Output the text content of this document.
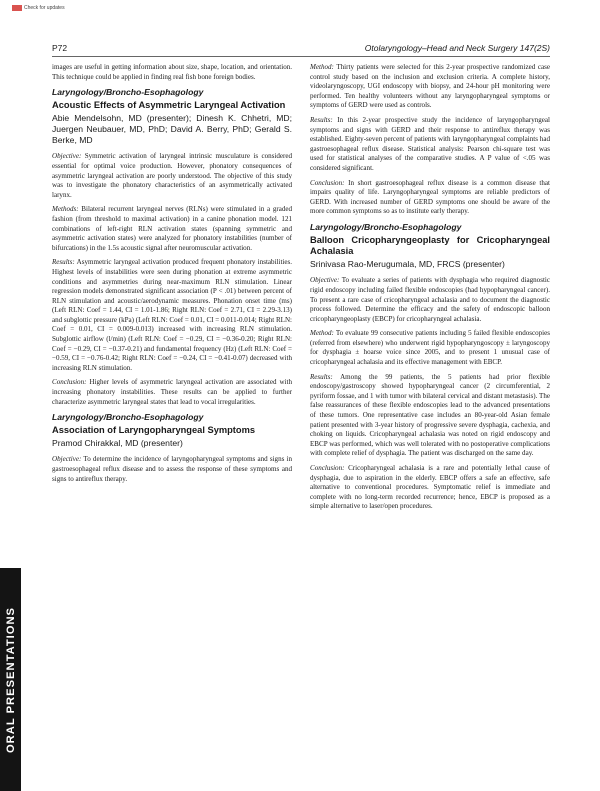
Check for updates
P72	Otolaryngology–Head and Neck Surgery 147(2S)

images are useful in getting information about size, shape, location, and orientation. This technique could be applied in finding real fish bone foreign bodies.

Laryngology/Broncho-Esophagology
Acoustic Effects of Asymmetric Laryngeal Activation
Abie Mendelsohn, MD (presenter); Dinesh K. Chhetri, MD; Juergen Neubauer, MD, PhD; David A. Berry, PhD; Gerald S. Berke, MD

Objective: Symmetric activation of laryngeal intrinsic musculature is considered essential for optimal voice production. However, phonatory consequences of asymmetric laryngeal activation are poorly understood. The objective of this study was to investigate the phonatory characteristics of an asymmetrically activated larynx.

Methods: Bilateral recurrent laryngeal nerves (RLNs) were stimulated in a graded fashion (from threshold to maximal activation) in a canine phonation model. 121 combinations of left-right RLN activation states (spanning symmetric and asymmetric activation states) were analyzed for phonatory instabilities (number of bifurcations) in the 1.5s acoustic signal after neuromuscular activation.

Results: Asymmetric laryngeal activation produced frequent phonatory instabilities. Highest levels of instabilities were seen during phonation at extreme asymmetric conditions and asymmetries during near-maximum RLN stimulation. Linear regression models demonstrated significant association (P < .01) between percent of RLN stimulation and acoustic/aerodynamic measures. Phonation onset time (ms) (Left RLN: Coef = 1.44, CI = 1.01-1.86; Right RLN: Coef = 2.71, CI = 2.29-3.13) and subglottic pressure (kPa) (Left RLN: Coef = 0.01, CI = 0.011-0.014; Right RLN: Coef = 0.01, CI = 0.009-0.013) increased with increasing RLN stimulation. Subglottic airflow (l/min) (Left RLN: Coef = −0.29, CI = −0.36-0.20; Right RLN: Coef = −0.29, CI = −0.37-0.21) and fundamental frequency (Hz) (Left RLN: Coef = −0.59, CI = −0.76-0.42; Right RLN: Coef = −0.24, CI = −0.41-0.07) decreased with increasing RLN stimulation.

Conclusion: Higher levels of asymmetric laryngeal activation are associated with increasing phonatory instabilities. These results can be applied to further characterize asymmetric laryngeal states that lead to vocal irregularities.

Laryngology/Broncho-Esophagology
Association of Laryngopharyngeal Symptoms
Pramod Chirakkal, MD (presenter)

Objective: To determine the incidence of laryngopharyngeal symptoms and signs in gastroesophageal reflux disease and to assess the response of these symptoms and signs to antireflux therapy.

Method: Thirty patients were selected for this 2-year prospective randomized case control study based on the inclusion and exclusion criteria. A complete history, videolaryngoscopy, UGI endoscopy with biopsy, and 24-hour pH monitoring were performed. Ten healthy volunteers without any laryngopharyngeal symptoms or symptoms of GERD were used as controls.

Results: In this 2-year prospective study the incidence of laryngopharyngeal symptoms and signs with GERD and their response to antireflux therapy was established. Eighty-seven percent of patients with laryngopharyngeal complaints had gastroesophageal reflux disease. Statistical analysis: Pearson chi-square test was used for statistical analyses of the comparative studies. A P value of <.05 was considered significant.

Conclusion: In short gastroesophageal reflux disease is a common disease that impairs quality of life. Laryngopharyngeal symptoms are reliable predictors of GERD. With increased number of GERD symptoms one should be aware of the more common symptoms so as to institute early therapy.

Laryngology/Broncho-Esophagology
Balloon Cricopharyngeoplasty for Cricopharyngeal Achalasia
Srinivasa Rao-Merugumala, MD, FRCS (presenter)

Objective: To evaluate a series of patients with dysphagia who required diagnostic rigid endoscopy including failed flexible endoscopies (had hypopharyngeal cancer). To present a rare case of cricopharyngeal achalasia and to document the diagnostic process followed. Determine the efficacy and the safety of endoscopic balloon cricopharyngeoplasty (EBCP) for cricopharyngeal achalasia.

Method: To evaluate 99 consecutive patients including 5 failed flexible endoscopies (referred from elsewhere) who underwent rigid hypopharyngoscopy ± laryngoscopy for dysphagia ± hoarse voice since 2005, and to present 1 unusual case of cricopharyngeal achalasia and its effective management with EBCP.

Results: Among the 99 patients, the 5 patients had prior flexible endoscopy/gastroscopy showed hypopharyngeal cancer (2 circumferential, 2 pyriform fossae, and 1 with tumor with bilateral cervical and distant metastasis). The false reassurances of these flexible endoscopies lead to the advanced presentations of these tumors. One representative case includes an 80-year-old Asian female patient presented with 3-year history of progressive severe dysphagia, cachexia, and choking on liquids. Cricopharyngeal achalasia was noted on rigid endoscopy and EBCP was performed, which was well tolerated with no postoperative complications with complete relief of dysphagia. The patient was discharged on the same day.

Conclusion: Cricopharyngeal achalasia is a rare and potentially lethal cause of dysphagia, due to aspiration in the elderly. EBCP offers a safe an effective, safe alternative to conventional procedures. Symptomatic relief is immediate and complete with no long-term recorded recurrence; hence, EBCP is proposed as a simple alternative to laser/open procedures.

ORAL PRESENTATIONS
